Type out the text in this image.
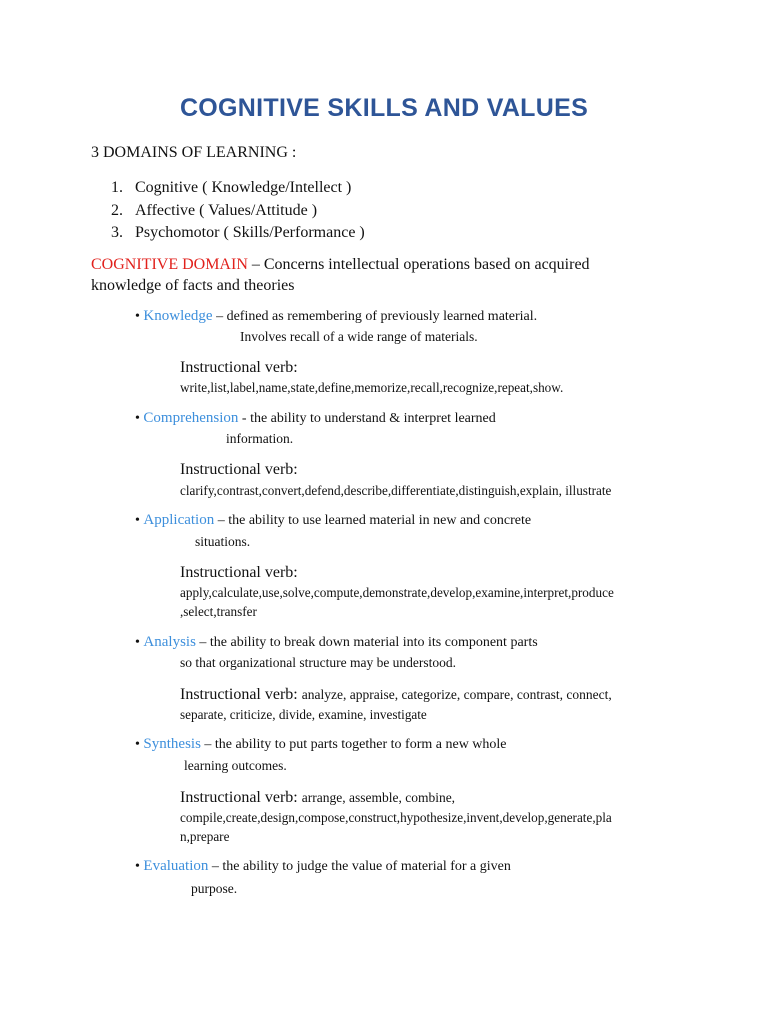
COGNITIVE SKILLS AND VALUES
3 DOMAINS OF LEARNING :
1. Cognitive ( Knowledge/Intellect )
2. Affective ( Values/Attitude )
3. Psychomotor ( Skills/Performance )
COGNITIVE DOMAIN – Concerns intellectual operations based on acquired knowledge of facts and theories
• Knowledge – defined as remembering of previously learned material.
Involves recall of a wide range of materials.
Instructional verb:
write,list,label,name,state,define,memorize,recall,recognize,repeat,show.
• Comprehension - the ability to understand & interpret learned
information.
Instructional verb:
clarify,contrast,convert,defend,describe,differentiate,distinguish,explain, illustrate
• Application – the ability to use learned material in new and concrete
situations.
Instructional verb:
apply,calculate,use,solve,compute,demonstrate,develop,examine,interpret,produce
,select,transfer
• Analysis – the ability to break down material into its component parts
so that organizational structure may be understood.
Instructional verb: analyze, appraise, categorize, compare, contrast, connect,
separate, criticize, divide, examine, investigate
• Synthesis – the ability to put parts together to form a new whole
learning outcomes.
Instructional verb: arrange, assemble, combine,
compile,create,design,compose,construct,hypothesize,invent,develop,generate,pla
n,prepare
• Evaluation – the ability to judge the value of material for a given
purpose.
